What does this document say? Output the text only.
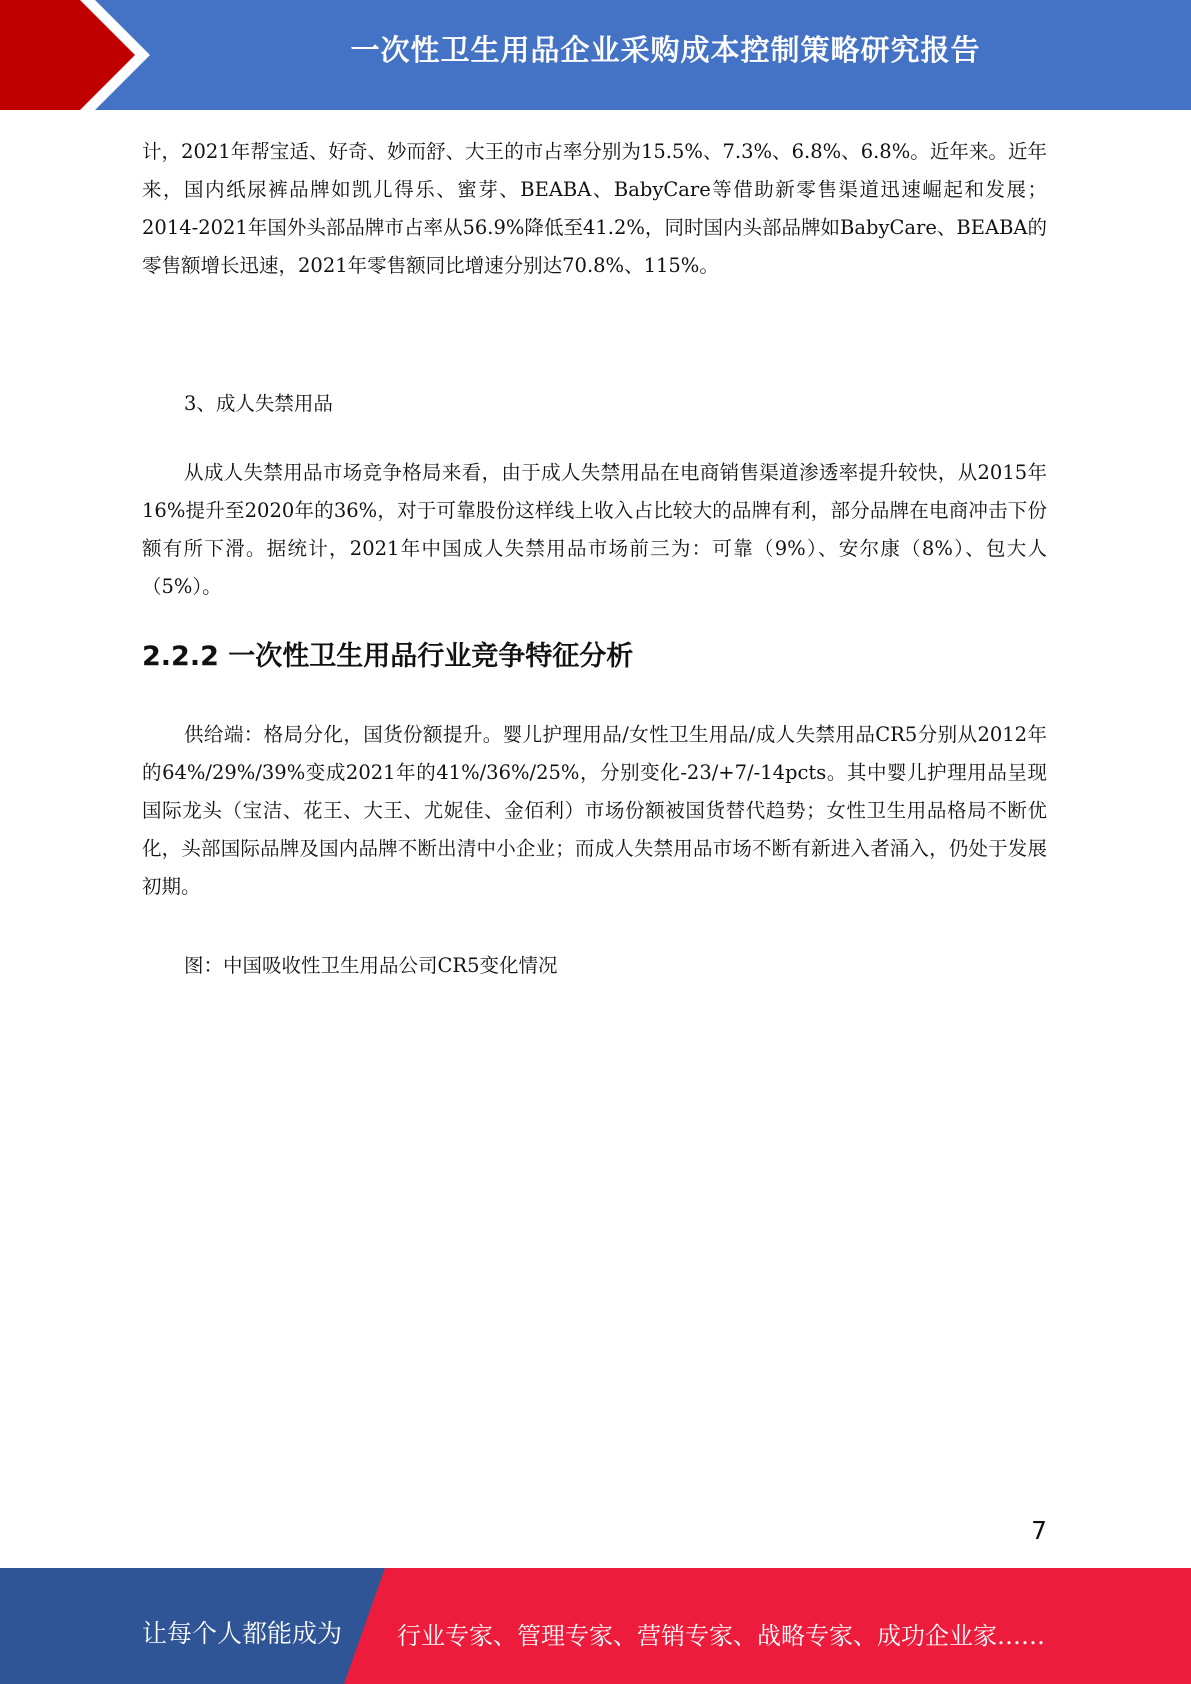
一次性卫生用品企业采购成本控制策略研究报告

计，2021年帮宝适、好奇、妙而舒、大王的市占率分别为15.5%、7.3%、6.8%、6.8%。近年来。近年来，国内纸尿裤品牌如凯儿得乐、蜜芽、BEABA、BabyCare等借助新零售渠道迅速崛起和发展；2014-2021年国外头部品牌市占率从56.9%降低至41.2%，同时国内头部品牌如BabyCare、BEABA的零售额增长迅速，2021年零售额同比增速分别达70.8%、115%。

3、成人失禁用品

从成人失禁用品市场竞争格局来看，由于成人失禁用品在电商销售渠道渗透率提升较快，从2015年16%提升至2020年的36%，对于可靠股份这样线上收入占比较大的品牌有利，部分品牌在电商冲击下份额有所下滑。据统计，2021年中国成人失禁用品市场前三为：可靠（9%）、安尔康（8%）、包大人（5%）。

2.2.2 一次性卫生用品行业竞争特征分析

供给端：格局分化，国货份额提升。婴儿护理用品/女性卫生用品/成人失禁用品CR5分别从2012年的64%/29%/39%变成2021年的41%/36%/25%，分别变化-23/+7/-14pcts。其中婴儿护理用品呈现国际龙头（宝洁、花王、大王、尤妮佳、金佰利）市场份额被国货替代趋势；女性卫生用品格局不断优化，头部国际品牌及国内品牌不断出清中小企业；而成人失禁用品市场不断有新进入者涌入，仍处于发展初期。

图：中国吸收性卫生用品公司CR5变化情况

7
让每个人都能成为 行业专家、管理专家、营销专家、战略专家、成功企业家……
